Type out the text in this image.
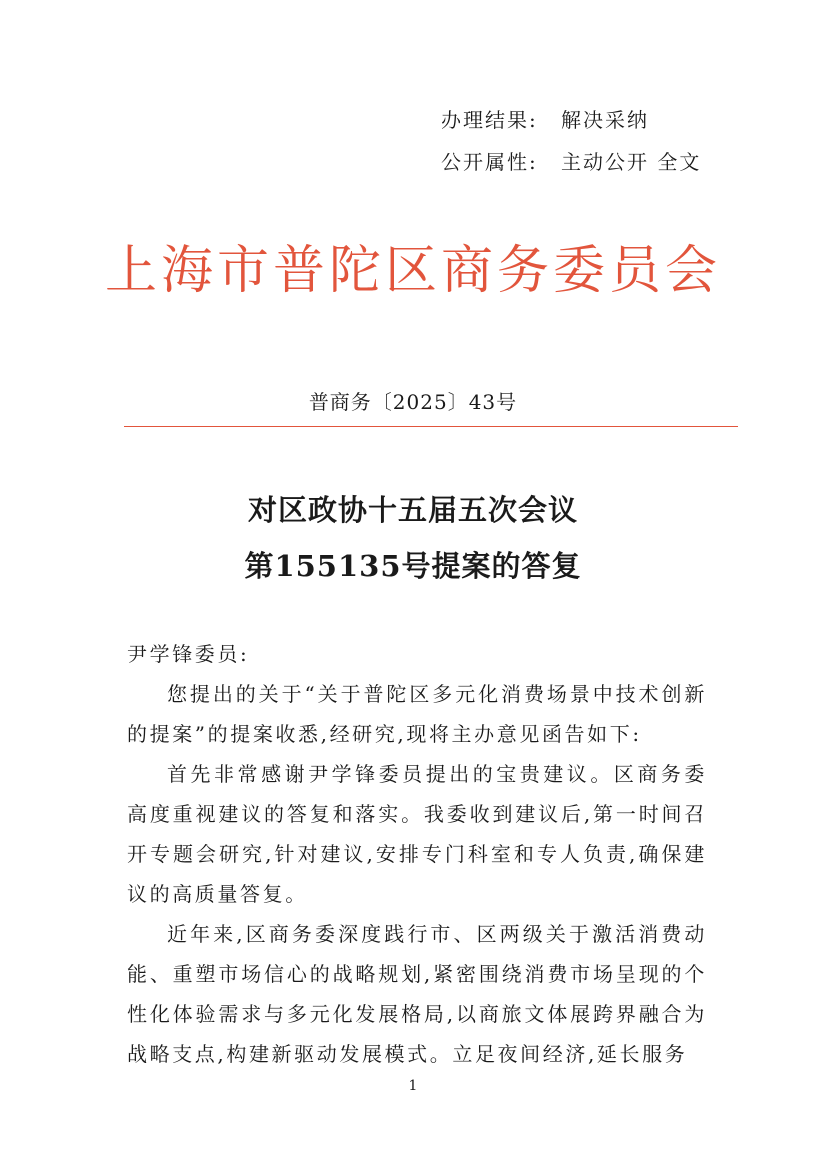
办理结果: 解决采纳
公开属性: 主动公开 全文
上海市普陀区商务委员会
普商务〔2025〕43号
对区政协十五届五次会议
第155135号提案的答复

尹学锋委员:

您提出的关于“关于普陀区多元化消费场景中技术创新的提案”的提案收悉,经研究,现将主办意见函告如下:

首先非常感谢尹学锋委员提出的宝贵建议。区商务委高度重视建议的答复和落实。我委收到建议后,第一时间召开专题会研究,针对建议,安排专门科室和专人负责,确保建议的高质量答复。

近年来,区商务委深度践行市、区两级关于激活消费动能、重塑市场信心的战略规划,紧密围绕消费市场呈现的个性化体验需求与多元化发展格局,以商旅文体展跨界融合为战略支点,构建新驱动发展模式。立足夜间经济,延长服务

1
